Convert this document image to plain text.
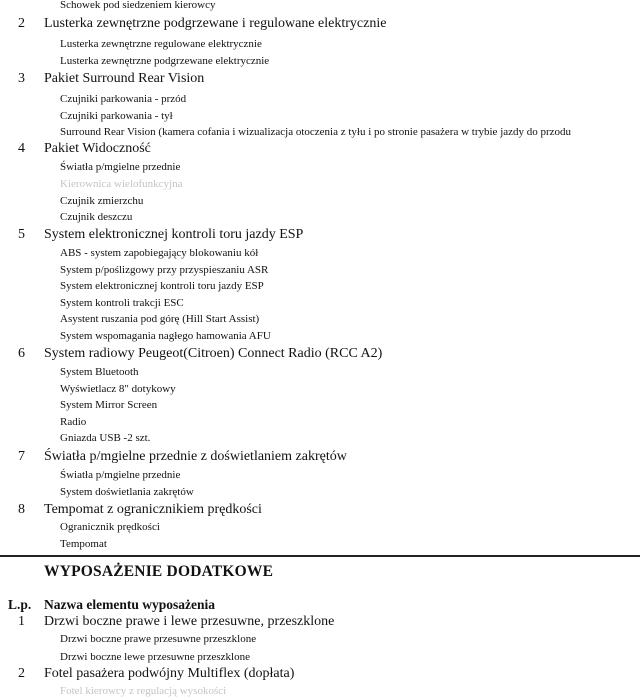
Schowek pod siedzeniem kierowcy
2 Lusterka zewnętrzne podgrzewane i regulowane elektrycznie
Lusterka zewnętrzne regulowane elektrycznie
Lusterka zewnętrzne podgrzewane elektrycznie
3 Pakiet Surround Rear Vision
Czujniki parkowania - przód
Czujniki parkowania - tył
Surround Rear Vision (kamera cofania i wizualizacja otoczenia z tyłu i po stronie pasażera w trybie jazdy do przodu
4 Pakiet Widoczność
Światła p/mgielne przednie
Kierownica wielofunkcyjna
Czujnik zmierzchu
Czujnik deszczu
5 System elektronicznej kontroli toru jazdy ESP
ABS - system zapobiegający blokowaniu kół
System p/poślizgowy przy przyspieszaniu ASR
System elektronicznej kontroli toru jazdy ESP
System kontroli trakcji ESC
Asystent ruszania pod górę (Hill Start Assist)
System wspomagania nagłego hamowania AFU
6 System radiowy Peugeot(Citroen) Connect Radio (RCC A2)
System Bluetooth
Wyświetlacz 8" dotykowy
System Mirror Screen
Radio
Gniazda USB -2 szt.
7 Światła p/mgielne przednie z doświetlaniem zakrętów
Światła p/mgielne przednie
System doświetlania zakrętów
8 Tempomat z ogranicznikiem prędkości
Ogranicznik prędkości
Tempomat
WYPOSAŻENIE DODATKOWE
L.p. Nazwa elementu wyposażenia
1 Drzwi boczne prawe i lewe przesuwne, przeszklone
Drzwi boczne prawe przesuwne przeszklone
Drzwi boczne lewe przesuwne przeszklone
2 Fotel pasażera podwójny Multiflex (dopłata)
Fotel kierowcy z regulacją wysokości
